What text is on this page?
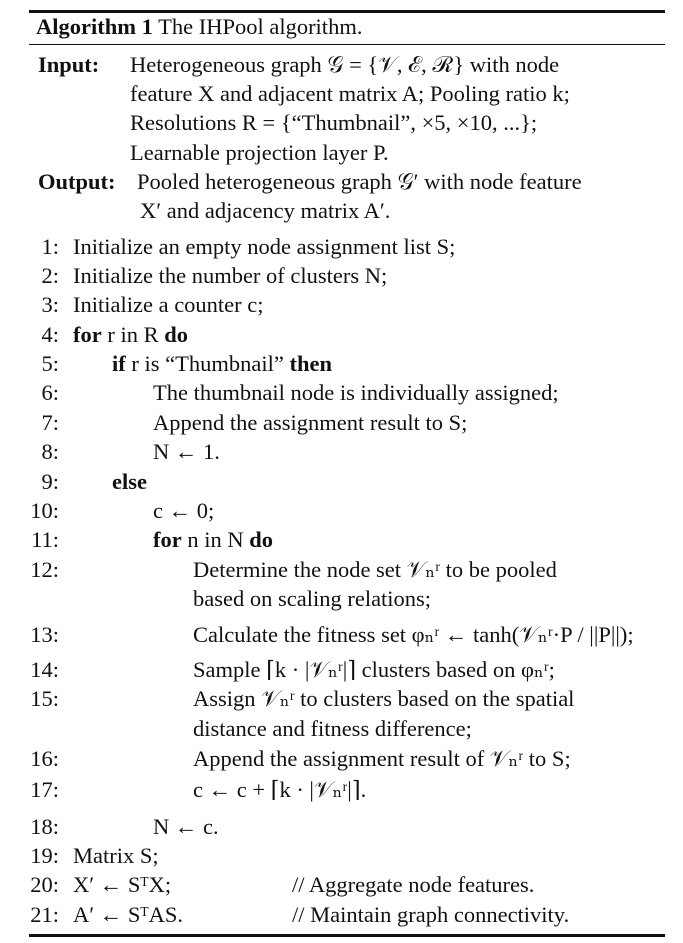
Algorithm 1 The IHPool algorithm.
Input: Heterogeneous graph 𝒢 = {𝒱, ℰ, ℛ} with node
feature X and adjacent matrix A; Pooling ratio k;
Resolutions R = {“Thumbnail”, ×5, ×10, ...};
Learnable projection layer P.
Output: Pooled heterogeneous graph 𝒢′ with node feature
X′ and adjacency matrix A′.
1:
2:
3:
4:
5:
6:
7:
8:
9:
10:
11:
12:
13:
14:
15:
16:
17:
18:
19:
20:
21:
Initialize an empty node assignment list S;
Initialize the number of clusters N;
Initialize a counter c;
for r in R do
if r is “Thumbnail” then
The thumbnail node is individually assigned;
Append the assignment result to S;
N ← 1.
else
c ← 0;
for n in N do
Determine the node set 𝒱ₙʳ to be pooled
based on scaling relations;
Calculate the fitness set φₙʳ ← tanh(𝒱ₙʳ·P / ||P||);
Sample ⌈k · |𝒱ₙʳ|⌉ clusters based on φₙʳ;
Assign 𝒱ₙʳ to clusters based on the spatial
distance and fitness difference;
Append the assignment result of 𝒱ₙʳ to S;
c ← c + ⌈k · |𝒱ₙʳ|⌉.
N ← c.
Matrix S;
X′ ← SᵀX;	// Aggregate node features.
A′ ← SᵀAS.	// Maintain graph connectivity.
